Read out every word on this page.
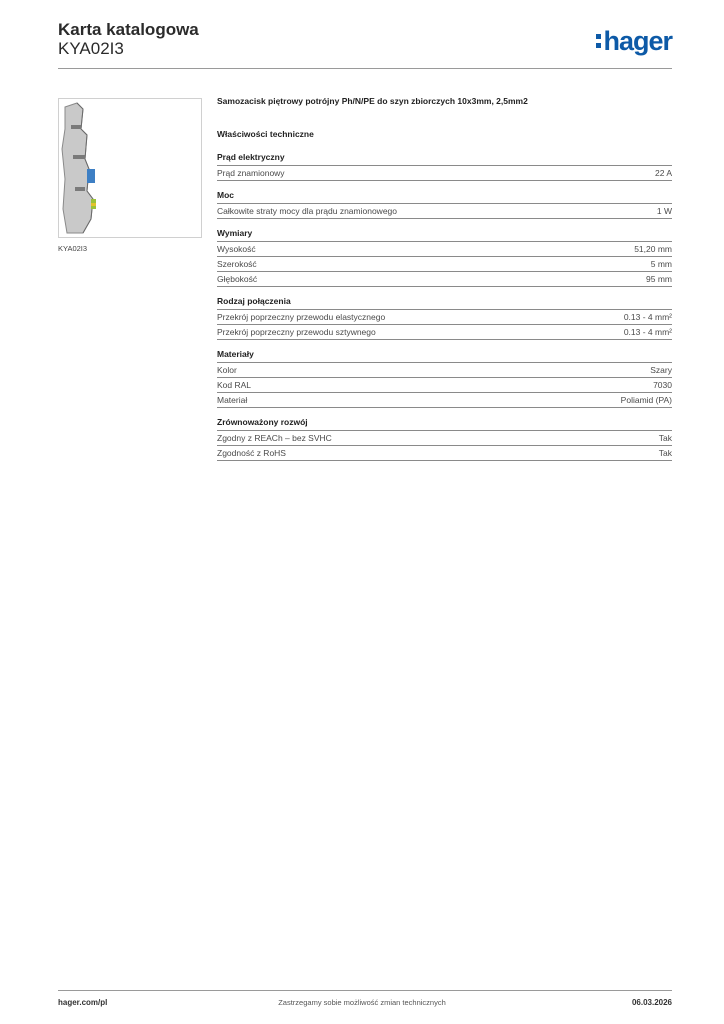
Karta katalogowa
KYA02I3	hager
KYA02I3

Samozacisk piętrowy potrójny Ph/N/PE do szyn zbiorczych 10x3mm, 2,5mm2

Właściwości techniczne

Prąd elektryczny
Prąd znamionowy	22 A
Moc
Całkowite straty mocy dla prądu znamionowego	1 W
Wymiary
Wysokość	51,20 mm
Szerokość	5 mm
Głębokość	95 mm
Rodzaj połączenia
Przekrój poprzeczny przewodu elastycznego	0.13 - 4 mm²
Przekrój poprzeczny przewodu sztywnego	0.13 - 4 mm²
Materiały
Kolor	Szary
Kod RAL	7030
Materiał	Poliamid (PA)
Zrównoważony rozwój
Zgodny z REACh – bez SVHC	Tak
Zgodność z RoHS	Tak
Zastrzegamy sobie możliwość zmian technicznych
hager.com/pl	06.03.2026
